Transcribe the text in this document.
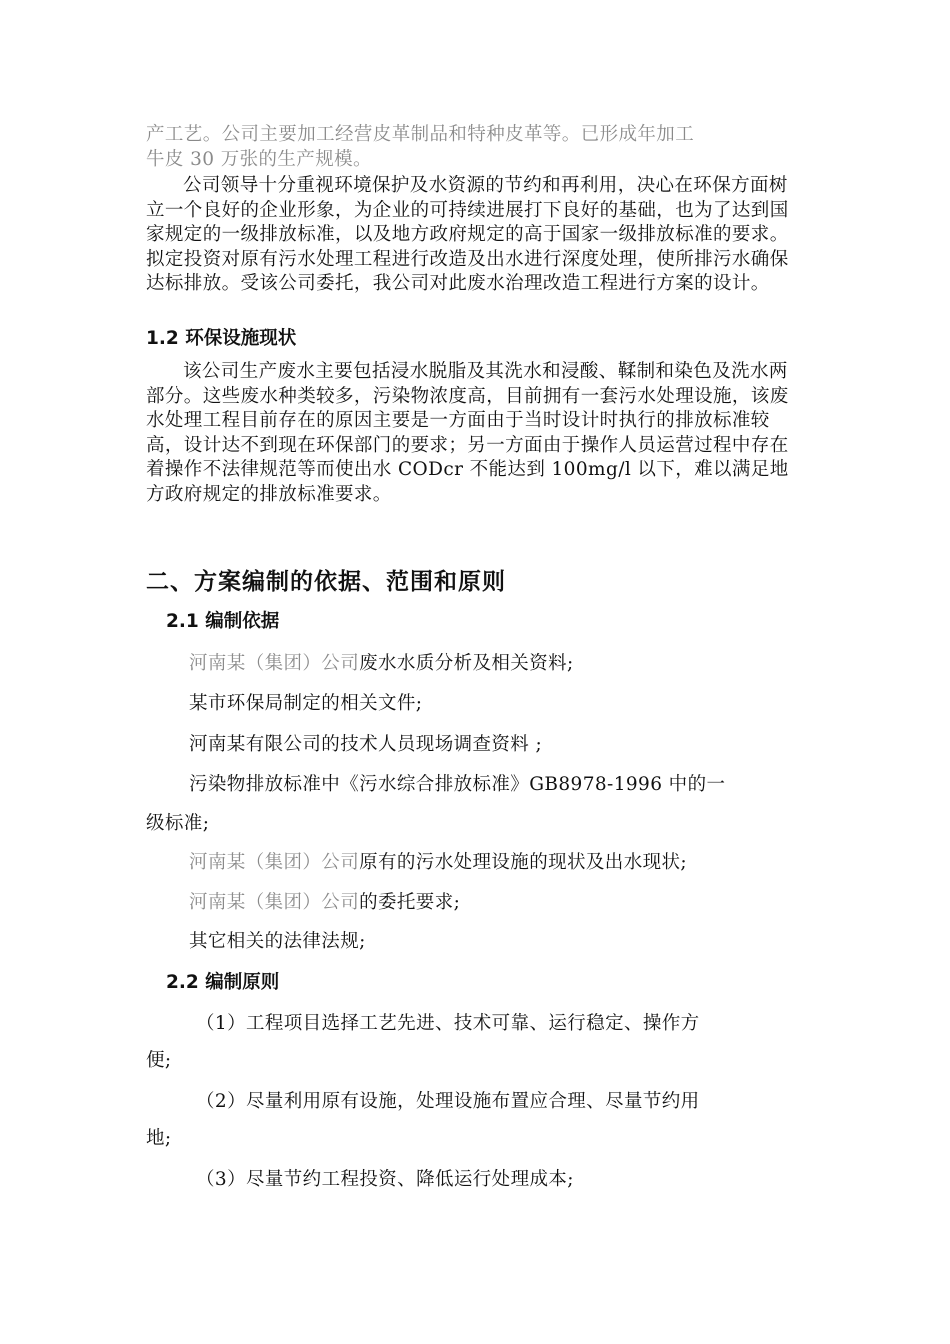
产工艺。公司主要加工经营皮革制品和特种皮革等。已形成年加工

牛皮 30 万张的生产规模。

公司领导十分重视环境保护及水资源的节约和再利用，决心在环保方面树立一个良好的企业形象，为企业的可持续进展打下良好的基础，也为了达到国家规定的一级排放标准，以及地方政府规定的高于国家一级排放标准的要求。拟定投资对原有污水处理工程进行改造及出水进行深度处理，使所排污水确保达标排放。受该公司委托，我公司对此废水治理改造工程进行方案的设计。

1.2 环保设施现状

该公司生产废水主要包括浸水脱脂及其洗水和浸酸、鞣制和染色及洗水两部分。这些废水种类较多，污染物浓度高，目前拥有一套污水处理设施，该废水处理工程目前存在的原因主要是一方面由于当时设计时执行的排放标准较高，设计达不到现在环保部门的要求；另一方面由于操作人员运营过程中存在着操作不法律规范等而使出水 CODcr 不能达到 100mg/l 以下，难以满足地方政府规定的排放标准要求。

二、方案编制的依据、范围和原则
2.1 编制依据

河南某（集团）公司废水水质分析及相关资料;

某市环保局制定的相关文件;

河南某有限公司的技术人员现场调查资料 ;

污染物排放标准中《污水综合排放标准》GB8978-1996 中的一

级标准;

河南某（集团）公司原有的污水处理设施的现状及出水现状;

河南某（集团）公司的委托要求;

其它相关的法律法规;

2.2 编制原则

（1）工程项目选择工艺先进、技术可靠、运行稳定、操作方

便;

（2）尽量利用原有设施，处理设施布置应合理、尽量节约用

地;

（3）尽量节约工程投资、降低运行处理成本;
